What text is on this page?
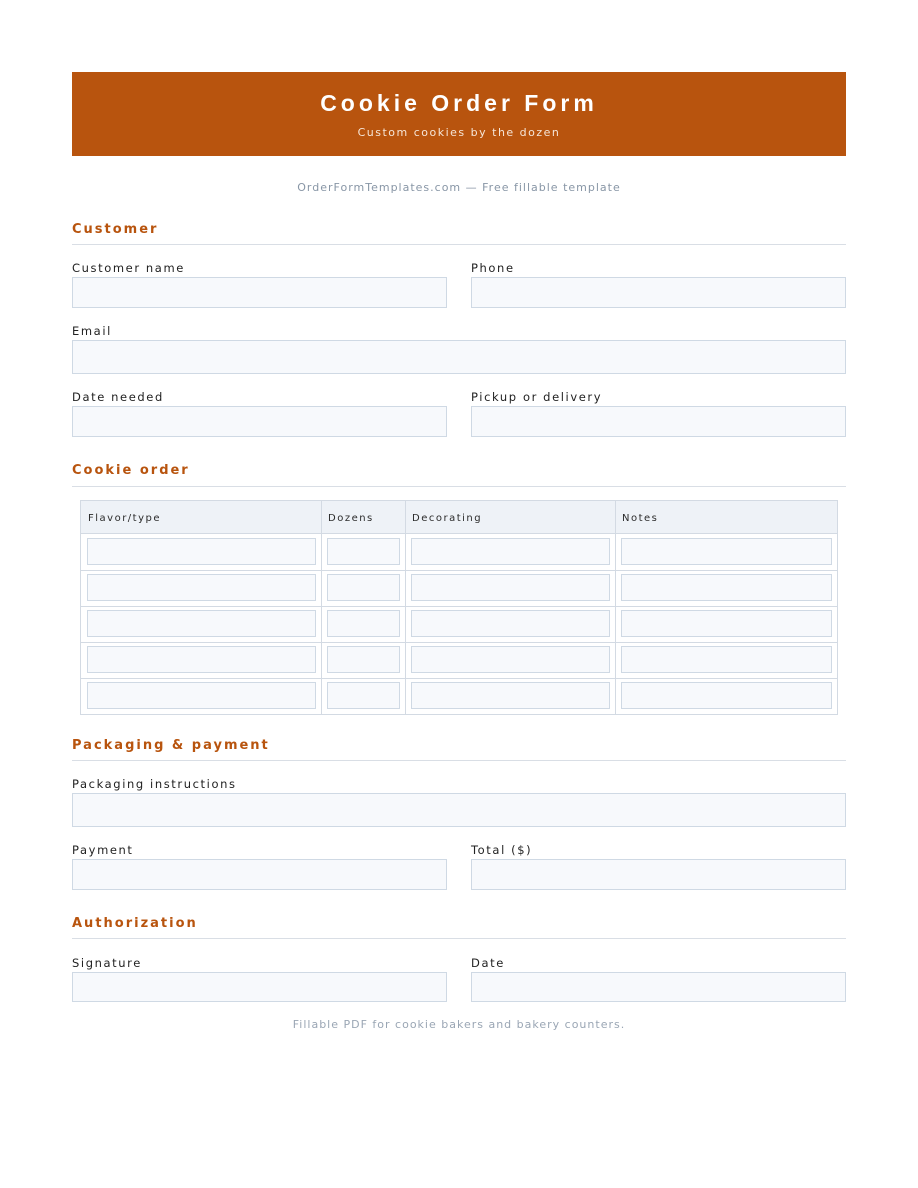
Cookie Order Form
Custom cookies by the dozen
OrderFormTemplates.com — Free fillable template
Customer
Customer name	Phone
Email
Date needed	Pickup or delivery
Cookie order
Flavor/type	Dozens	Decorating	Notes
Packaging & payment
Packaging instructions
Payment	Total ($)
Authorization
Signature	Date
Fillable PDF for cookie bakers and bakery counters.
